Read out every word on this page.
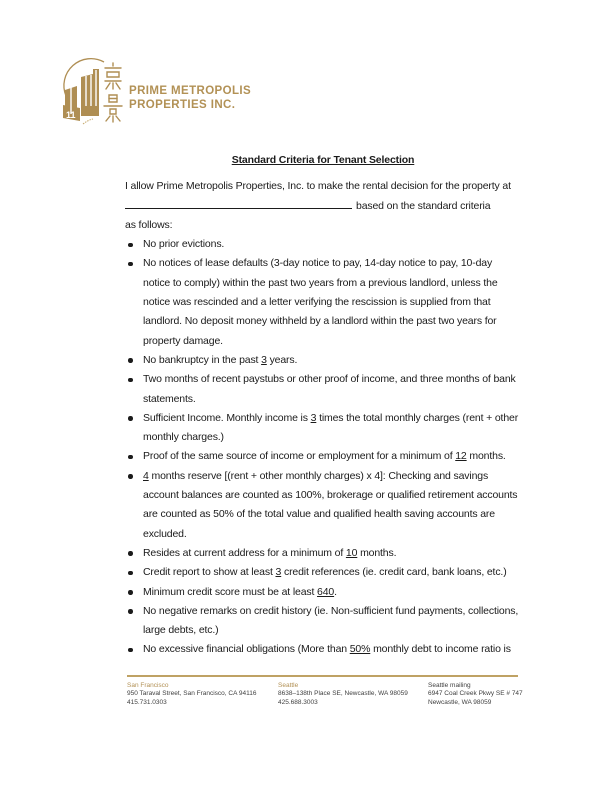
11
PRIME METROPOLIS
PROPERTIES INC.

Standard Criteria for Tenant Selection

I allow Prime Metropolis Properties, Inc. to make the rental decision for the property at
based on the standard criteria
as follows:

No prior evictions.
No notices of lease defaults (3-day notice to pay, 14-day notice to pay, 10-day notice to comply) within the past two years from a previous landlord, unless the notice was rescinded and a letter verifying the rescission is supplied from that landlord. No deposit money withheld by a landlord within the past two years for property damage.
No bankruptcy in the past 3 years.
Two months of recent paystubs or other proof of income, and three months of bank statements.
Sufficient Income. Monthly income is 3 times the total monthly charges (rent + other monthly charges.)
Proof of the same source of income or employment for a minimum of 12 months.
4 months reserve [(rent + other monthly charges) x 4]: Checking and savings account balances are counted as 100%, brokerage or qualified retirement accounts are counted as 50% of the total value and qualified health saving accounts are excluded.
Resides at current address for a minimum of 10 months.
Credit report to show at least 3 credit references (ie. credit card, bank loans, etc.)
Minimum credit score must be at least 640.
No negative remarks on credit history (ie. Non-sufficient fund payments, collections, large debts, etc.)
No excessive financial obligations (More than 50% monthly debt to income ratio is
San Francisco
950 Taraval Street, San Francisco, CA 94116
415.731.0303
Seattle
8638–138th Place SE, Newcastle, WA 98059
425.688.3003
Seattle mailing
6947 Coal Creek Pkwy SE # 747
Newcastle, WA 98059
